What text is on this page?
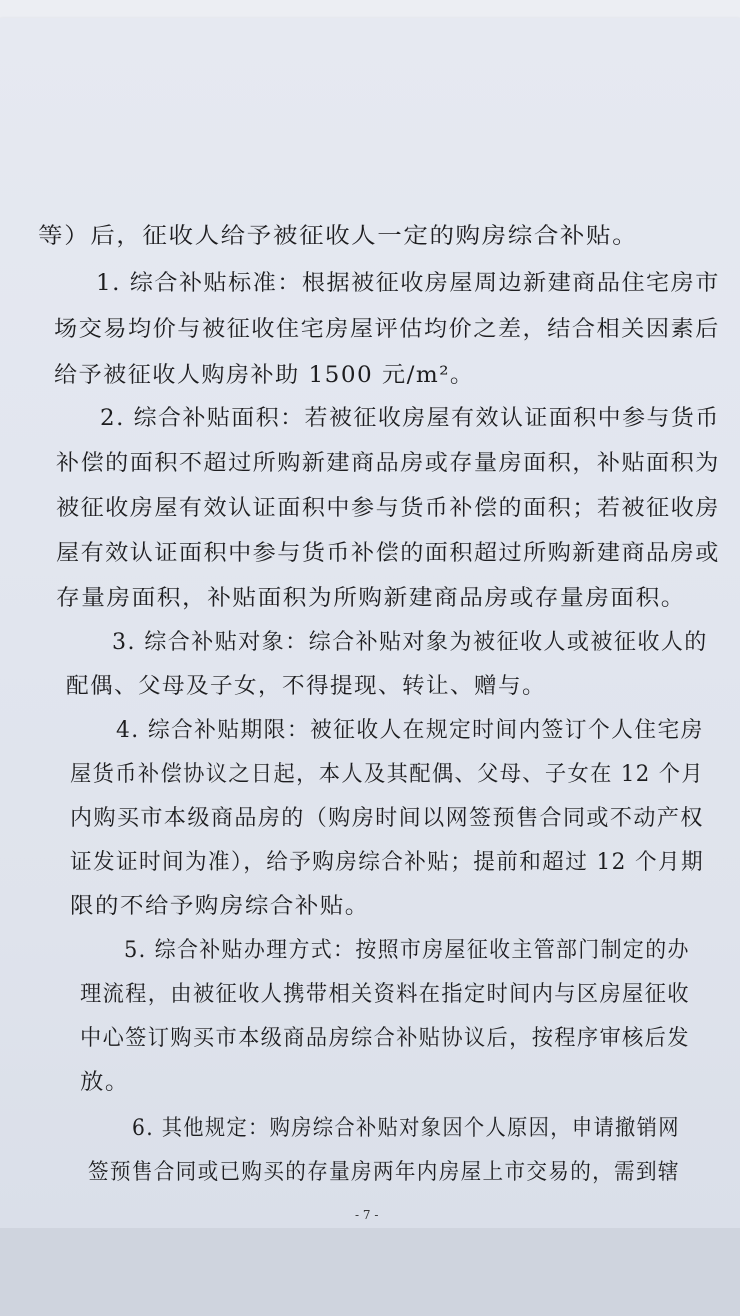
等）后，征收人给予被征收人一定的购房综合补贴。
1. 综合补贴标准：根据被征收房屋周边新建商品住宅房市
场交易均价与被征收住宅房屋评估均价之差，结合相关因素后
给予被征收人购房补助 1500 元/m²。
2. 综合补贴面积：若被征收房屋有效认证面积中参与货币
补偿的面积不超过所购新建商品房或存量房面积，补贴面积为
被征收房屋有效认证面积中参与货币补偿的面积；若被征收房
屋有效认证面积中参与货币补偿的面积超过所购新建商品房或
存量房面积，补贴面积为所购新建商品房或存量房面积。
3. 综合补贴对象：综合补贴对象为被征收人或被征收人的
配偶、父母及子女，不得提现、转让、赠与。
4. 综合补贴期限：被征收人在规定时间内签订个人住宅房
屋货币补偿协议之日起，本人及其配偶、父母、子女在 12 个月
内购买市本级商品房的（购房时间以网签预售合同或不动产权
证发证时间为准），给予购房综合补贴；提前和超过 12 个月期
限的不给予购房综合补贴。
5. 综合补贴办理方式：按照市房屋征收主管部门制定的办
理流程，由被征收人携带相关资料在指定时间内与区房屋征收
中心签订购买市本级商品房综合补贴协议后，按程序审核后发
放。
6. 其他规定：购房综合补贴对象因个人原因，申请撤销网
签预售合同或已购买的存量房两年内房屋上市交易的，需到辖
- 7 -
